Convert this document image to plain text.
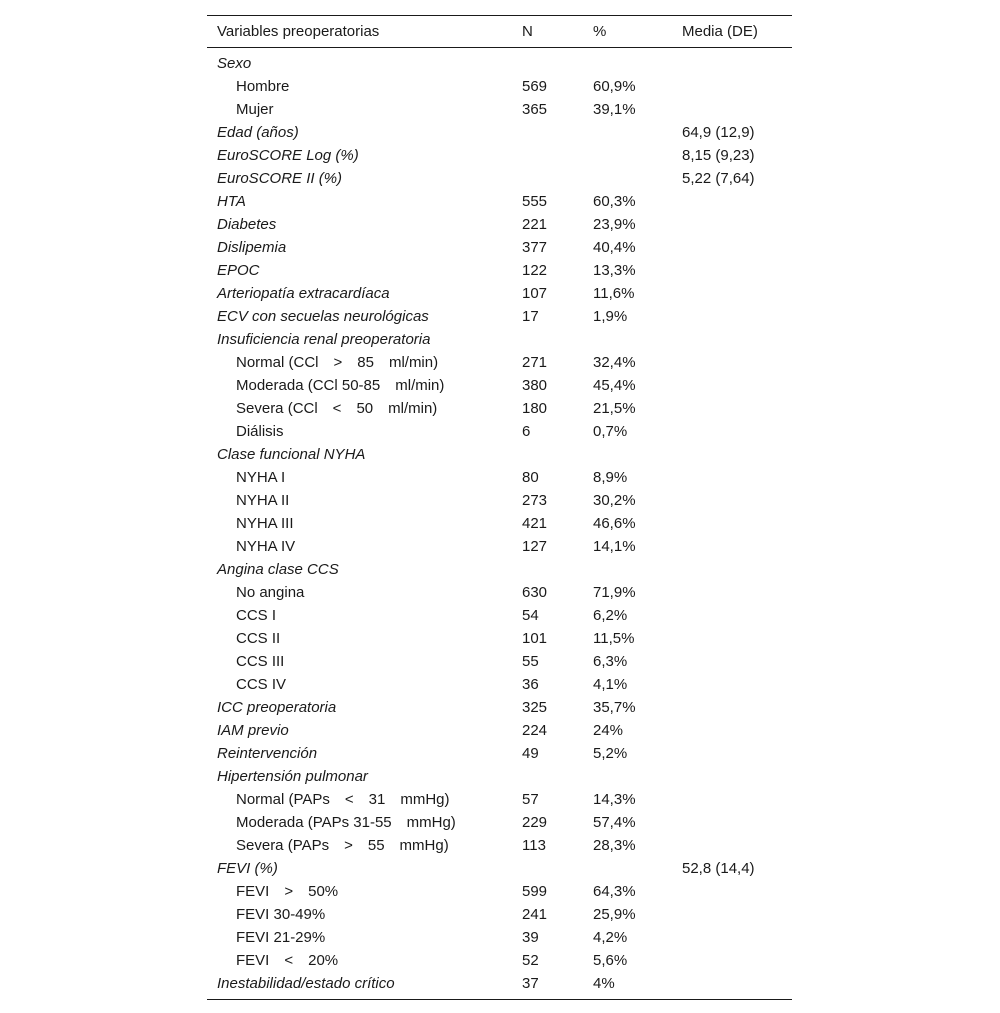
Variables preoperatorias	N	%	Media (DE)

Sexo			
Hombre	569	60,9%	
Mujer	365	39,1%	
Edad (años)			64,9 (12,9)
EuroSCORE Log (%)			8,15 (9,23)
EuroSCORE II (%)			5,22 (7,64)
HTA	555	60,3%	
Diabetes	221	23,9%	
Dislipemia	377	40,4%	
EPOC	122	13,3%	
Arteriopatía extracardíaca	107	11,6%	
ECV con secuelas neurológicas	17	1,9%	
Insuficiencia renal preoperatoria			
Normal (CCl  >  85  ml/min)	271	32,4%	
Moderada (CCl 50-85  ml/min)	380	45,4%	
Severa (CCl  <  50  ml/min)	180	21,5%	
Diálisis	6	0,7%	
Clase funcional NYHA			
NYHA I	80	8,9%	
NYHA II	273	30,2%	
NYHA III	421	46,6%	
NYHA IV	127	14,1%	
Angina clase CCS			
No angina	630	71,9%	
CCS I	54	6,2%	
CCS II	101	11,5%	
CCS III	55	6,3%	
CCS IV	36	4,1%	
ICC preoperatoria	325	35,7%	
IAM previo	224	24%	
Reintervención	49	5,2%	
Hipertensión pulmonar			
Normal (PAPs  <  31  mmHg)	57	14,3%	
Moderada (PAPs 31-55  mmHg)	229	57,4%	
Severa (PAPs  >  55  mmHg)	113	28,3%	
FEVI (%)			52,8 (14,4)
FEVI  >  50%	599	64,3%	
FEVI 30-49%	241	25,9%	
FEVI 21-29%	39	4,2%	
FEVI  <  20%	52	5,6%	
Inestabilidad/estado crítico	37	4%	
